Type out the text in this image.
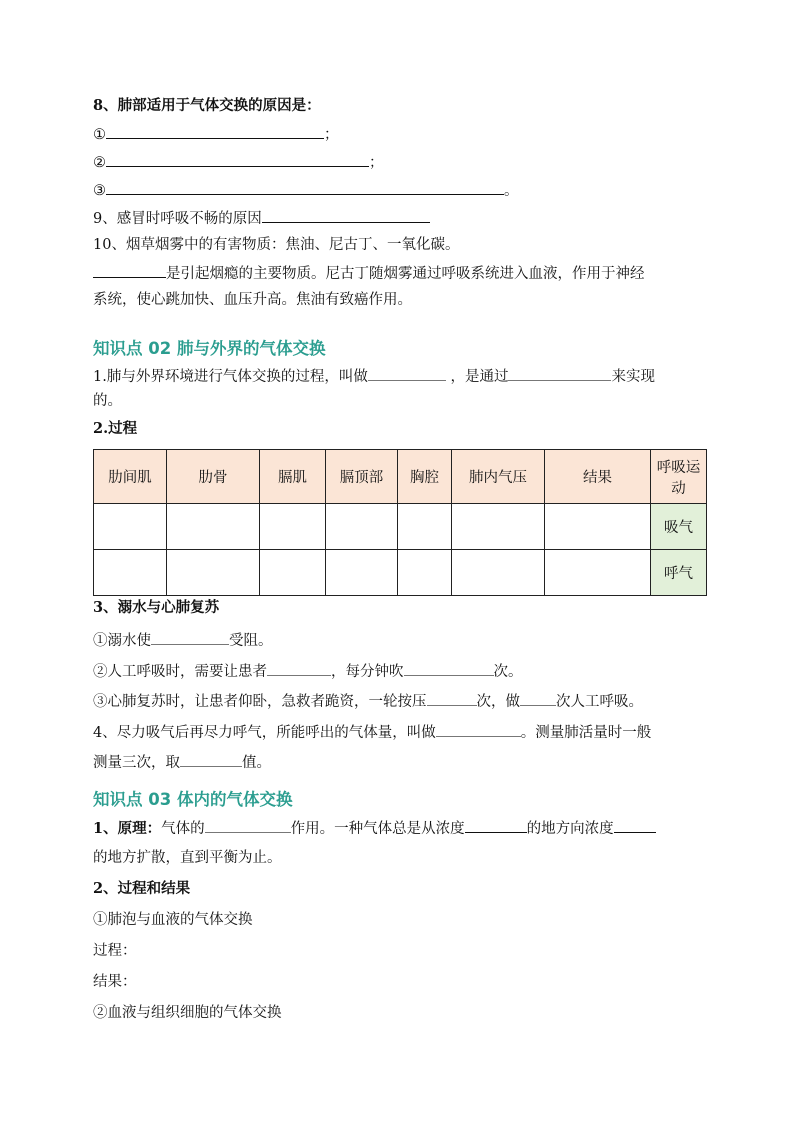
8、肺部适用于气体交换的原因是：
①	；
②	；
③	。
9、感冒时呼吸不畅的原因
10、烟草烟雾中的有害物质：焦油、尼古丁、一氧化碳。
是引起烟瘾的主要物质。尼古丁随烟雾通过呼吸系统进入血液，作用于神经
系统，使心跳加快、血压升高。焦油有致癌作用。
知识点 02 肺与外界的气体交换
1.肺与外界环境进行气体交换的过程，叫做	，是通过	来实现
的。
2.过程
肋间肌	肋骨	膈肌	膈顶部	胸腔	肺内气压	结果	呼吸运
动

							吸气
							呼气
3、溺水与心肺复苏
①溺水使	受阻。
②人工呼吸时，需要让患者	，每分钟吹	次。
③心肺复苏时，让患者仰卧，急救者跪资，一轮按压	次，做 次人工呼吸。
4、尽力吸气后再尽力呼气，所能呼出的气体量，叫做	。测量肺活量时一般
测量三次，取	值。
知识点 03 体内的气体交换
1、原理：气体的	作用。一种气体总是从浓度	的地方向浓度
的地方扩散，直到平衡为止。
2、过程和结果
①肺泡与血液的气体交换
过程：
结果：
②血液与组织细胞的气体交换
